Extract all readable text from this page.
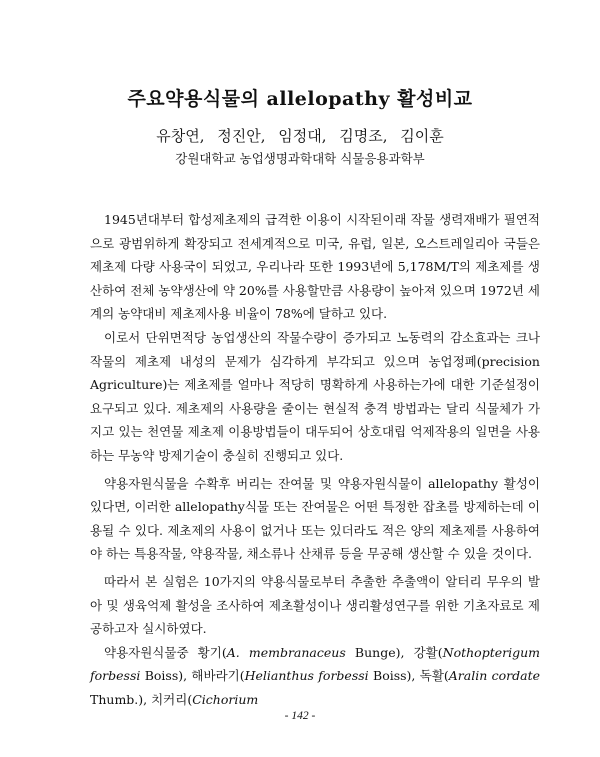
주요약용식물의 allelopathy 활성비교
유창연, 정진안, 임정대, 김명조, 김이훈
강원대학교 농업생명과학대학 식물응용과학부

1945년대부터 합성제초제의 급격한 이용이 시작된이래 작물 생력재배가 필연적으로 광범위하게 확장되고 전세계적으로 미국, 유럽, 일본, 오스트레일리아 국들은 제초제 다량 사용국이 되었고, 우리나라 또한 1993년에 5,178M/T의 제초제를 생산하여 전체 농약생산에 약 20%를 사용할만큼 사용량이 높아져 있으며 1972년 세계의 농약대비 제초제사용 비율이 78%에 달하고 있다.

이로서 단위면적당 농업생산의 작물수량이 증가되고 노동력의 감소효과는 크나 작물의 제초제 내성의 문제가 심각하게 부각되고 있으며 농업정폐(precision Agriculture)는 제초제를 얼마나 적당히 명확하게 사용하는가에 대한 기준설정이 요구되고 있다. 제초제의 사용량을 줄이는 현실적 충격 방법과는 달리 식물체가 가지고 있는 천연물 제초제 이용방법들이 대두되어 상호대립 억제작용의 일면을 사용하는 무농약 방제기술이 충실히 진행되고 있다.

약용자원식물을 수확후 버리는 잔여물 및 약용자원식물이 allelopathy 활성이 있다면, 이러한 allelopathy식물 또는 잔여물은 어떤 특정한 잡초를 방제하는데 이용될 수 있다. 제초제의 사용이 없거나 또는 있더라도 적은 양의 제초제를 사용하여야 하는 특용작물, 약용작물, 채소류나 산채류 등을 무공해 생산할 수 있을 것이다.

따라서 본 실험은 10가지의 약용식물로부터 추출한 추출액이 알터리 무우의 발아 및 생육억제 활성을 조사하여 제초활성이나 생리활성연구를 위한 기초자료로 제공하고자 실시하였다.

약용자원식물중 황기(A. membranaceus Bunge), 강활(Nothopterigum forbessi Boiss), 해바라기(Helianthus forbessi Boiss), 독활(Aralin cordate Thumb.), 치커리(Cichorium

- 142 -
